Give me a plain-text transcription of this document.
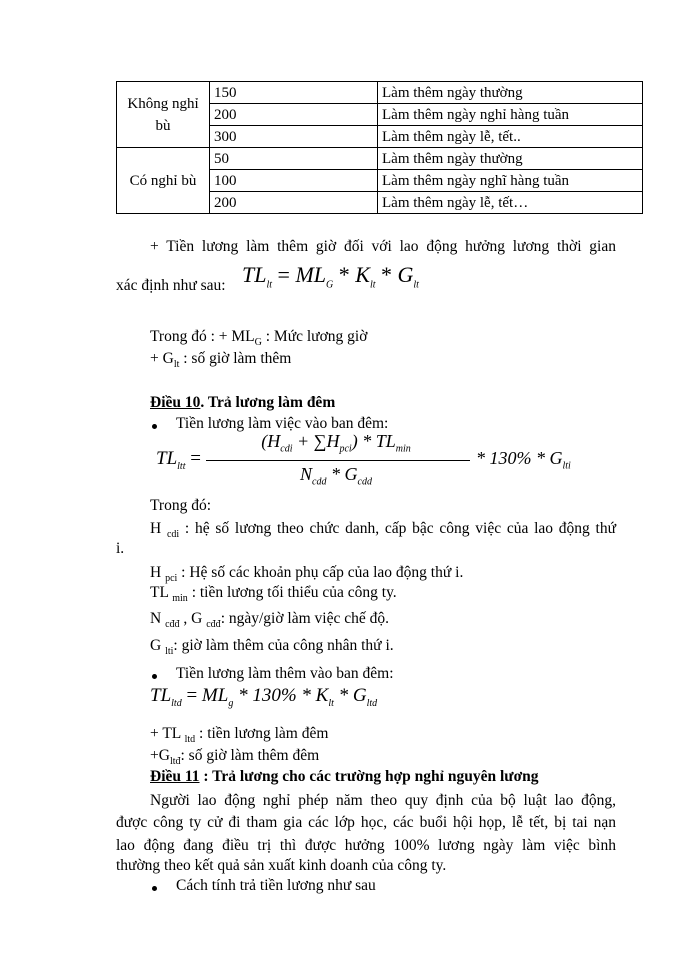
Không nghỉ
bù	150	Làm thêm ngày thường
	200	Làm thêm ngày nghỉ hàng tuần
	300	Làm thêm ngày lễ, tết..
Có nghỉ bù	50	Làm thêm ngày thường
	100	Làm thêm ngày nghĩ hàng tuần
	200	Làm thêm ngày lễ, tết…
+ Tiền lương làm thêm giờ đối với lao động hưởng lương thời gian
xác định như sau: $TL_{lt} = ML_G * K_{lt} * G_{lt}$
Trong đó : + $ML_G$ : Mức lương giờ
+ $G_{lt}$ : số giờ làm thêm
Điều 10. Trả lương làm đêm
Tiền lương làm việc vào ban đêm:
$TL_{ltt}$ =
$(H_{cdi} + \sum H_{pci}) * TL_{min}$
$N_{cdd} * G_{cdd}$
* $130\% * G_{lti}$
Trong đó:
H $_{cdi}$ : hệ số lương theo chức danh, cấp bậc công việc của lao động thứ
i.
H $_{pci}$ : Hệ số các khoản phụ cấp của lao động thứ i.
TL $_{min}$ : tiền lương tối thiểu của công ty.
N $_{cđđ}$ , G $_{cđđ}$: ngày/giờ làm việc chế độ.
G $_{lti}$: giờ làm thêm của công nhân thứ i.
Tiền lương làm thêm vào ban đêm:
$TL_{ltd} = ML_g * 130\% * K_{lt} * G_{ltd}$
+ TL $_{ltd}$ : tiền lương làm đêm
$+G_{ltđ}$: số giờ làm thêm đêm
Điều 11 : Trả lương cho các trường hợp nghỉ nguyên lương
Người lao động nghỉ phép năm theo quy định của bộ luật lao động,
được công ty cử đi tham gia các lớp học, các buổi hội họp, lễ tết, bị tai nạn
lao động đang điều trị thì được hưởng 100% lương ngày làm việc bình
thường theo kết quả sản xuất kinh doanh của công ty.
Cách tính trả tiền lương như sau
